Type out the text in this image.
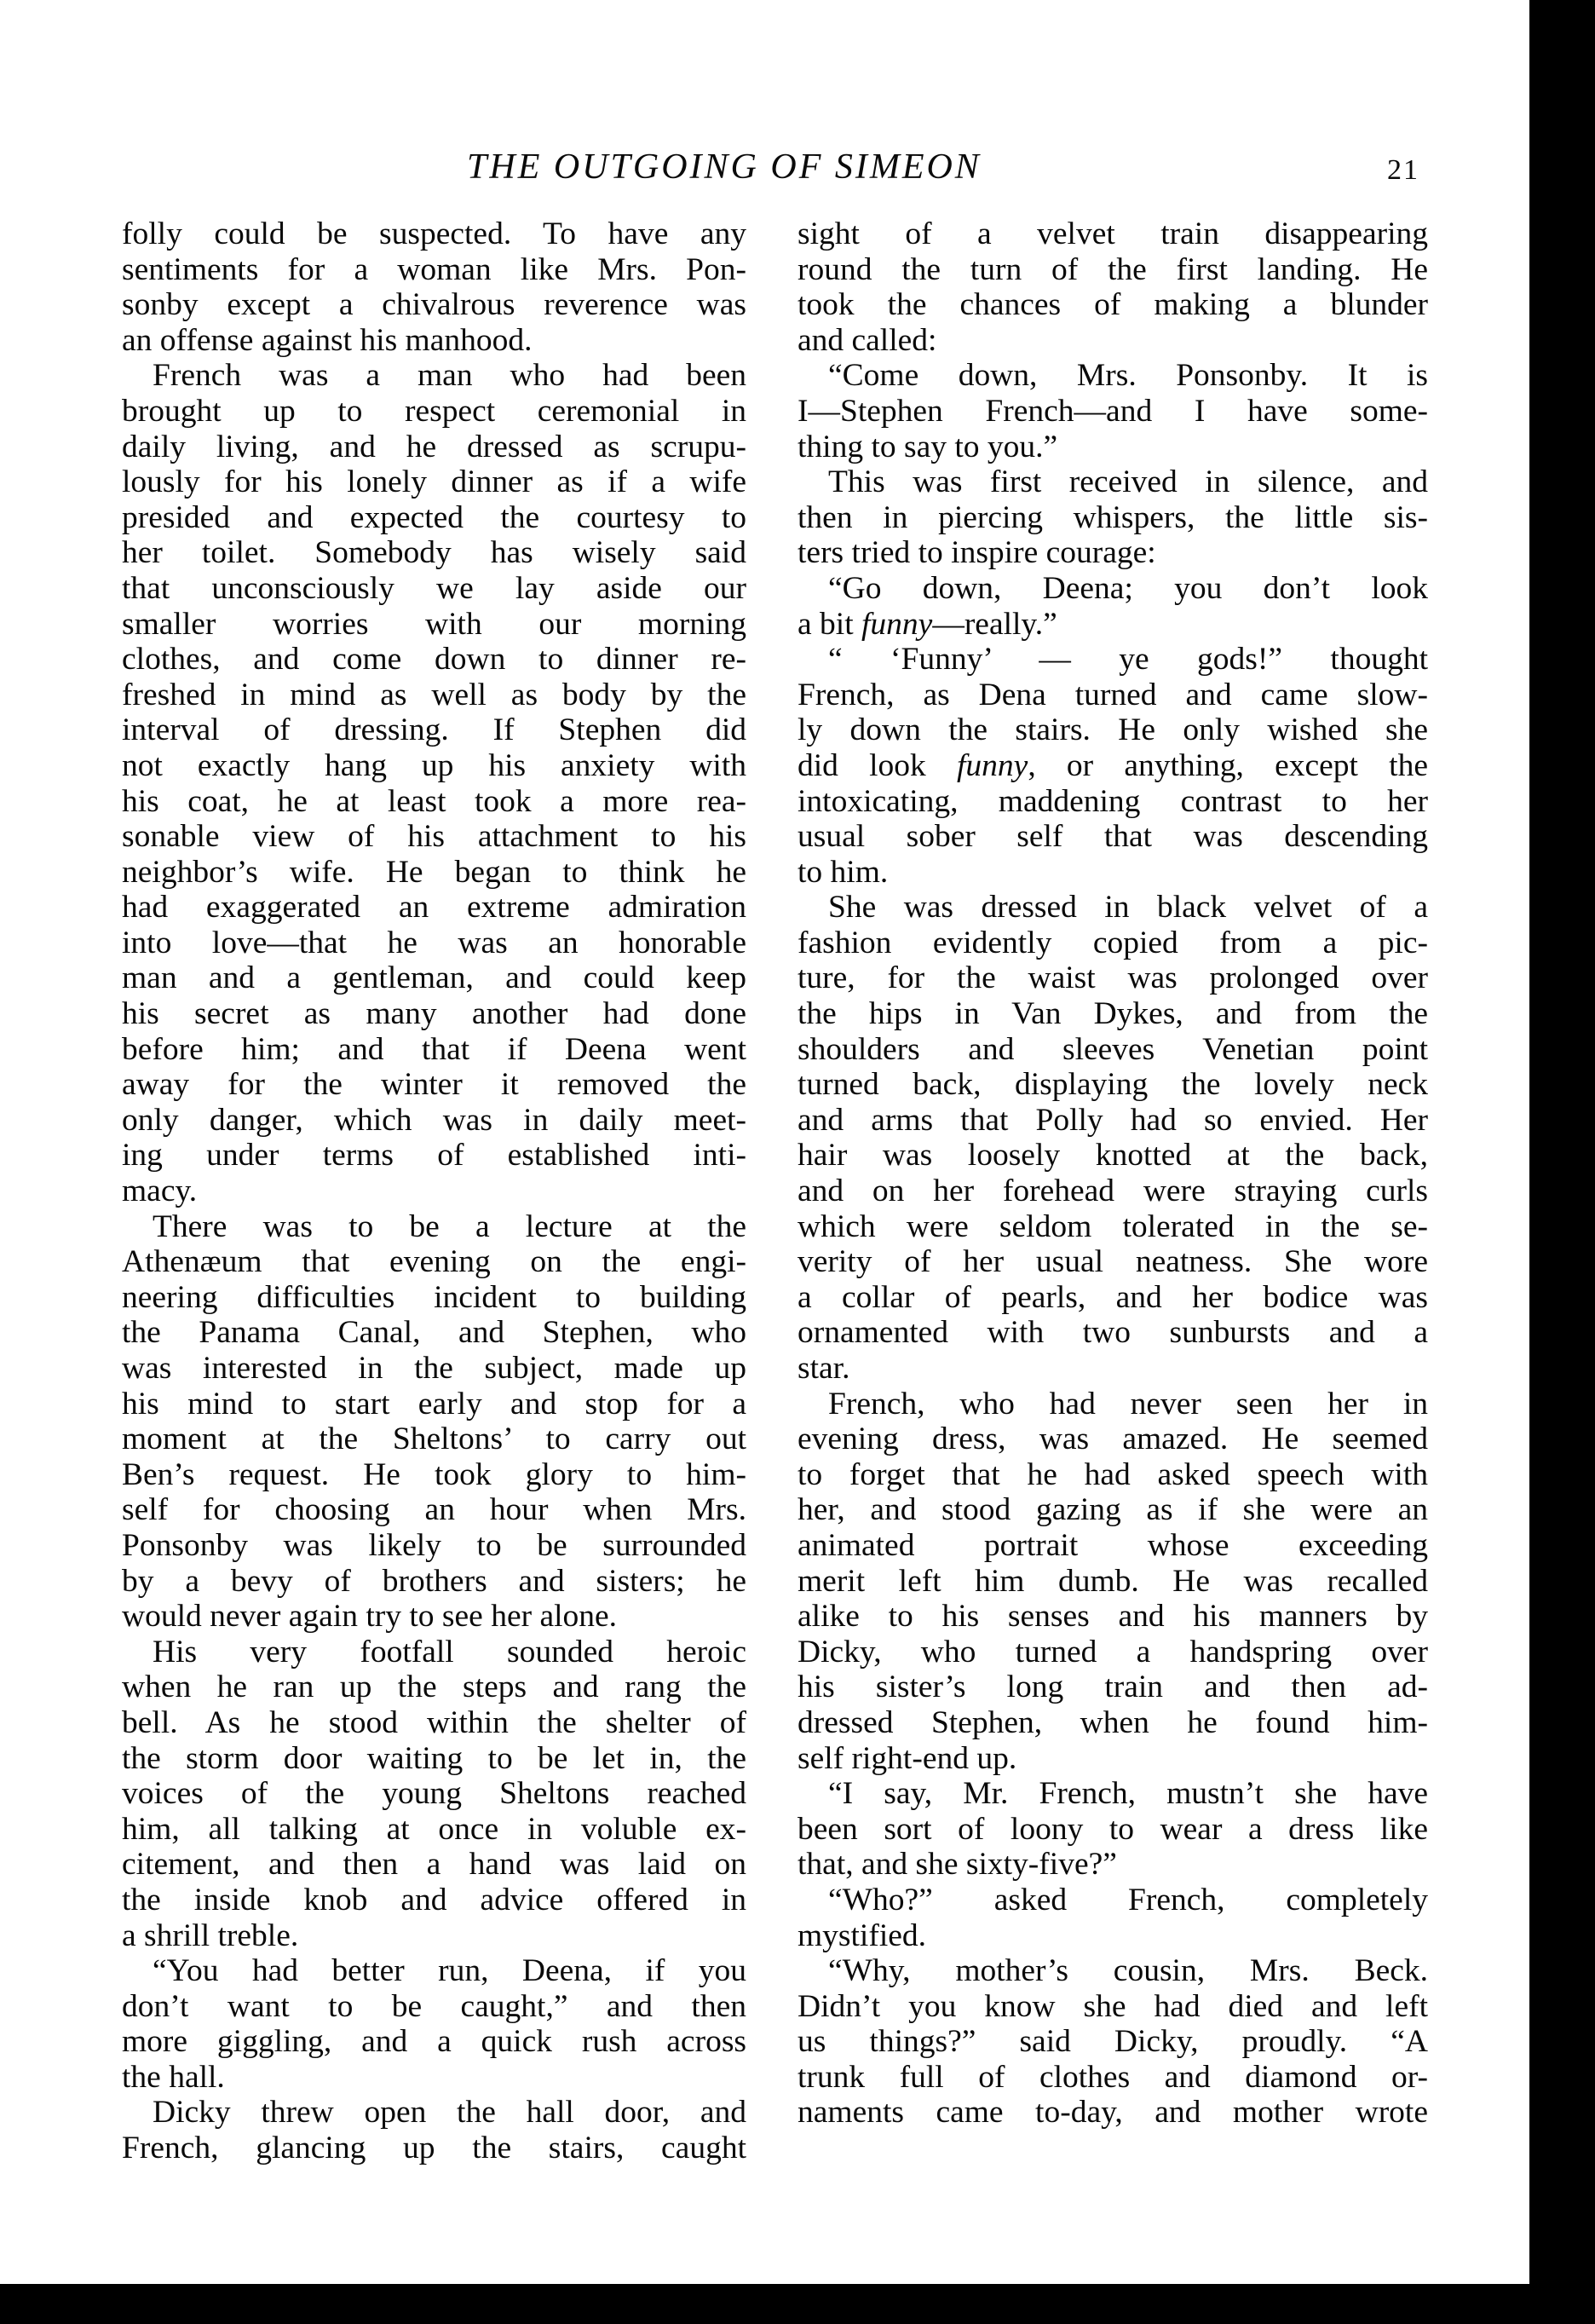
THE OUTGOING OF SIMEON	21
folly could be suspected. To have any
sentiments for a woman like Mrs. Pon-
sonby except a chivalrous reverence was
an offense against his manhood.
French was a man who had been
brought up to respect ceremonial in
daily living, and he dressed as scrupu-
lously for his lonely dinner as if a wife
presided and expected the courtesy to
her toilet. Somebody has wisely said
that unconsciously we lay aside our
smaller worries with our morning
clothes, and come down to dinner re-
freshed in mind as well as body by the
interval of dressing. If Stephen did
not exactly hang up his anxiety with
his coat, he at least took a more rea-
sonable view of his attachment to his
neighbor’s wife. He began to think he
had exaggerated an extreme admiration
into love—that he was an honorable
man and a gentleman, and could keep
his secret as many another had done
before him; and that if Deena went
away for the winter it removed the
only danger, which was in daily meet-
ing under terms of established inti-
macy.
There was to be a lecture at the
Athenæum that evening on the engi-
neering difficulties incident to building
the Panama Canal, and Stephen, who
was interested in the subject, made up
his mind to start early and stop for a
moment at the Sheltons’ to carry out
Ben’s request. He took glory to him-
self for choosing an hour when Mrs.
Ponsonby was likely to be surrounded
by a bevy of brothers and sisters; he
would never again try to see her alone.
His very footfall sounded heroic
when he ran up the steps and rang the
bell. As he stood within the shelter of
the storm door waiting to be let in, the
voices of the young Sheltons reached
him, all talking at once in voluble ex-
citement, and then a hand was laid on
the inside knob and advice offered in
a shrill treble.
“You had better run, Deena, if you
don’t want to be caught,” and then
more giggling, and a quick rush across
the hall.
Dicky threw open the hall door, and
French, glancing up the stairs, caught
sight of a velvet train disappearing
round the turn of the first landing. He
took the chances of making a blunder
and called:
“Come down, Mrs. Ponsonby. It is
I—Stephen French—and I have some-
thing to say to you.”
This was first received in silence, and
then in piercing whispers, the little sis-
ters tried to inspire courage:
“Go down, Deena; you don’t look
a bit funny—really.”
“ ‘Funny’ — ye gods!” thought
French, as Dena turned and came slow-
ly down the stairs. He only wished she
did look funny, or anything, except the
intoxicating, maddening contrast to her
usual sober self that was descending
to him.
She was dressed in black velvet of a
fashion evidently copied from a pic-
ture, for the waist was prolonged over
the hips in Van Dykes, and from the
shoulders and sleeves Venetian point
turned back, displaying the lovely neck
and arms that Polly had so envied. Her
hair was loosely knotted at the back,
and on her forehead were straying curls
which were seldom tolerated in the se-
verity of her usual neatness. She wore
a collar of pearls, and her bodice was
ornamented with two sunbursts and a
star.
French, who had never seen her in
evening dress, was amazed. He seemed
to forget that he had asked speech with
her, and stood gazing as if she were an
animated portrait whose exceeding
merit left him dumb. He was recalled
alike to his senses and his manners by
Dicky, who turned a handspring over
his sister’s long train and then ad-
dressed Stephen, when he found him-
self right-end up.
“I say, Mr. French, mustn’t she have
been sort of loony to wear a dress like
that, and she sixty-five?”
“Who?” asked French, completely
mystified.
“Why, mother’s cousin, Mrs. Beck.
Didn’t you know she had died and left
us things?” said Dicky, proudly. “A
trunk full of clothes and diamond or-
naments came to-day, and mother wrote
